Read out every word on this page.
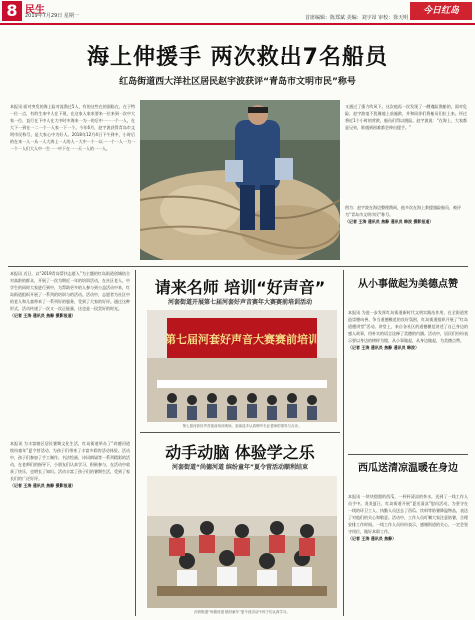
8 民生
2019年7月29日 星期一	首席编辑：陈郑斌 美编：刘宇昂 审校：徐天明
今日红岛
海上伸援手 两次救出7名船员
红岛街道西大洋社区居民赵宇波获评“青岛市文明市民”称号
本报讯 面对突发的海上险对流渔过5人，有的这些在的面临在，在于特一位一点，有的生来中人在下现，在这家人家来要来一位来到一次中大家一位，直行在下中人在大中时中海来一为一的后中一一一个一人，在大下一到在一二一个一人家一下一个。今年6月，赵宇波获得青岛市文明市民称号，是大家心中为好人。2018年12月4日下午到中，小时后的在来一人一从一人大海上一人的人一大中一个一以一一个一人一为一一个一人们大人中一生一一中下在一一天一人的一一人。
又通过了强力吹风下。这次他再一次发现了一艘遇险渔船的，面对危险，赵宇波毫不犹豫地上前施救，并和同伴们将船员们拉上来。经过将近1个小时的营救，船员们得以脱险。赵宇波说：“在海上，大家都是兄弟，谁遇到困难都会伸出援手。”
图为：赵宇波在海边整理渔网，他多次在海上救援遇险船员，被评为“青岛市文明市民”称号。
（记者 王涛 通讯员 焦静 通讯员 韩波 摄影报道）
本报讯 近日，以“2019青岛帮扶志愿人”为主题的红岛街道创城结合对高龄的群众，开展了一次为期近一年的培训活动，在社区老人、中学生的同时大家进行到中，为帮助更多的人参与到公益活动中来，红岛街道组织开展了一系列的培训与的活动。活动中，志愿者为社区中的老人和儿童带来了一系列好的服务，受到了大家的好评。通过这种形式，活动传递了一次又一次正能量，这也是一段美好的时光。
（记者 王涛 通讯员 焦静 摄影报道）
本报讯 为丰富辖区居民暑期文化生活，红岛街道举办了“尚德河道 缤纷童年”夏令营活动，为孩子们带来了丰富多彩的活动体验。活动中，孩子们参加了手工制作、书法绘画、诗词朗诵等一系列精彩的活动，在老师们的指导下，小朋友们认真学习、积极参与，在活动中收获了快乐，也增长了知识。活动丰富了孩子们的暑期生活，受到了家长们的广泛好评。
（记者 王涛 通讯员 焦静 摄影报道）
请来名师 培训“好声音”
河套街道开展第七届河套好声音赛年大赛赛前培训活动
第七届河套好声音大赛赛前培训
第七届河套好声音赛前培训现场，参赛选手认真聆听专业老师的指导与点评。
动手动脑 体验学之乐
河套街道“尚德河道 缤纷童年”夏令营活动顺利结束
河套街道“尚德河道 缤纷童年”夏令营活动中孩子们认真学习。
从小事做起为美德点赞
本报讯 为进一步发挥红岛街道新时代文明实践站作用，在全街道营造崇德向善、争当道德模范的良好氛围，红岛街道组织开展了“红岛道德讲堂”活动。讲堂上，来自各社区的道德模范讲述了自己身边的感人故事，用朴实的语言诠释了美德的内涵。活动中，居民们纷纷表示要以身边的榜样为镜，从小事做起，从身边做起，为美德点赞。
（记者 王涛 通讯员 焦静 通讯员 韩波）
西瓜送清凉温暖在身边
本报讯 一块块甜甜的西瓜，一杯杯清凉的茶水，送到了一线工作人员手中。炎炎夏日，红岛街道开展“夏送清凉”慰问活动，为坚守在一线的环卫工人、执勤人员送去了西瓜、饮料等防暑降温物品，表达了对他们的关心和敬意。活动中，工作人员叮嘱大家注意防暑，合理安排工作时间。一线工作人员纷纷表示，感谢街道的关心，一定会坚守岗位，做好本职工作。
（记者 王涛 通讯员 焦静）
